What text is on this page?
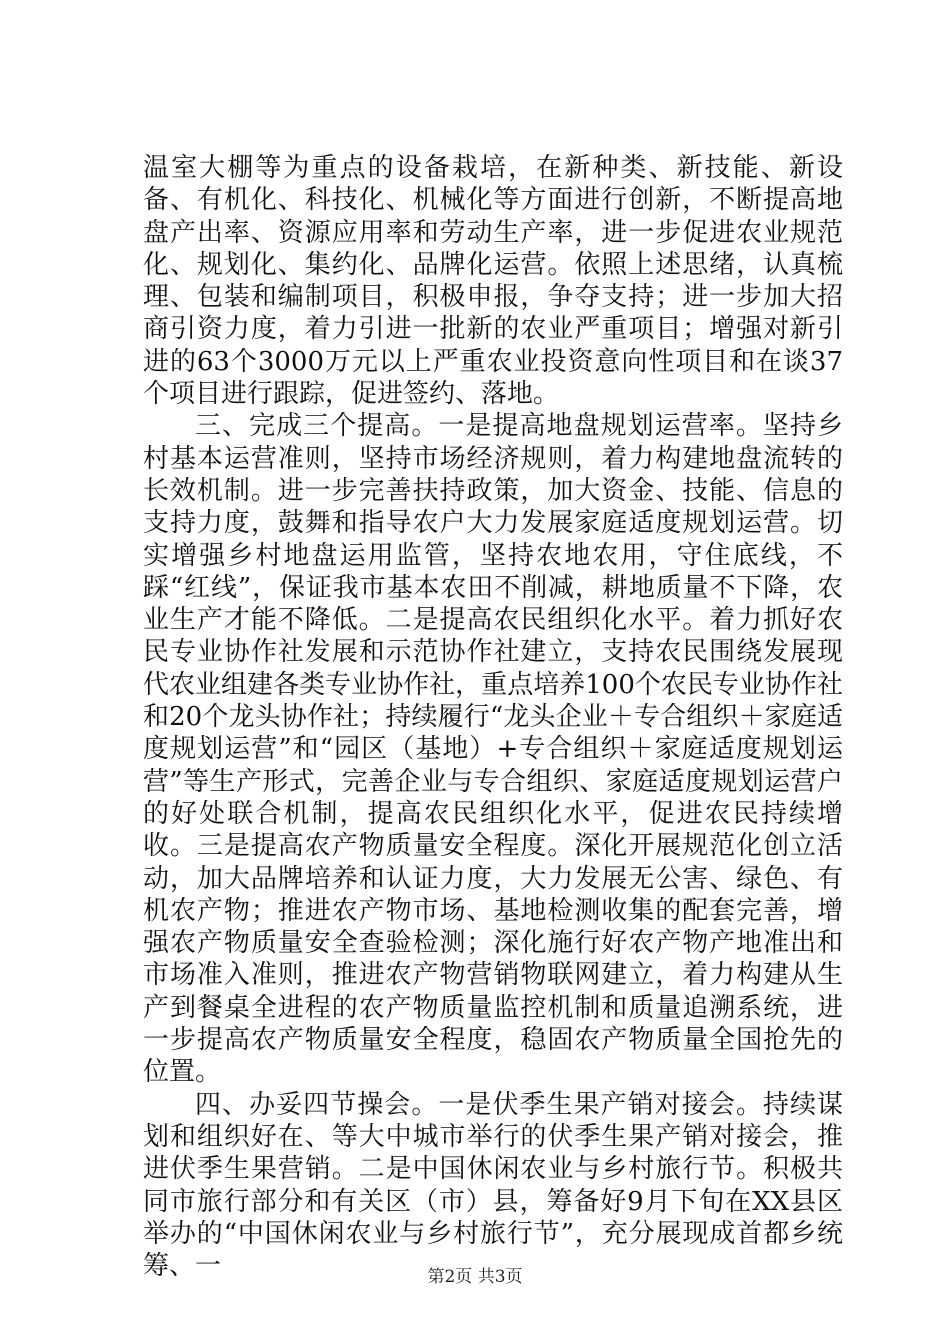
温室大棚等为重点的设备栽培，在新种类、新技能、新设备、有机化、科技化、机械化等方面进行创新，不断提高地盘产出率、资源应用率和劳动生产率，进一步促进农业规范化、规划化、集约化、品牌化运营。依照上述思绪，认真梳理、包装和编制项目，积极申报，争夺支持；进一步加大招商引资力度，着力引进一批新的农业严重项目；增强对新引进的63个3000万元以上严重农业投资意向性项目和在谈37个项目进行跟踪，促进签约、落地。

三、完成三个提高。一是提高地盘规划运营率。坚持乡村基本运营准则，坚持市场经济规则，着力构建地盘流转的长效机制。进一步完善扶持政策，加大资金、技能、信息的支持力度，鼓舞和指导农户大力发展家庭适度规划运营。切实增强乡村地盘运用监管，坚持农地农用，守住底线，不踩“红线”，保证我市基本农田不削减，耕地质量不下降，农业生产才能不降低。二是提高农民组织化水平。着力抓好农民专业协作社发展和示范协作社建立，支持农民围绕发展现代农业组建各类专业协作社，重点培养100个农民专业协作社和20个龙头协作社；持续履行“龙头企业＋专合组织＋家庭适度规划运营”和“园区（基地）+专合组织＋家庭适度规划运营”等生产形式，完善企业与专合组织、家庭适度规划运营户的好处联合机制，提高农民组织化水平，促进农民持续增收。三是提高农产物质量安全程度。深化开展规范化创立活动，加大品牌培养和认证力度，大力发展无公害、绿色、有机农产物；推进农产物市场、基地检测收集的配套完善，增强农产物质量安全查验检测；深化施行好农产物产地准出和市场准入准则，推进农产物营销物联网建立，着力构建从生产到餐桌全进程的农产物质量监控机制和质量追溯系统，进一步提高农产物质量安全程度，稳固农产物质量全国抢先的位置。

四、办妥四节操会。一是伏季生果产销对接会。持续谋划和组织好在、等大中城市举行的伏季生果产销对接会，推进伏季生果营销。二是中国休闲农业与乡村旅行节。积极共同市旅行部分和有关区（市）县，筹备好9月下旬在XX县区举办的“中国休闲农业与乡村旅行节”，充分展现成首都乡统筹、一	第2页 共3页
